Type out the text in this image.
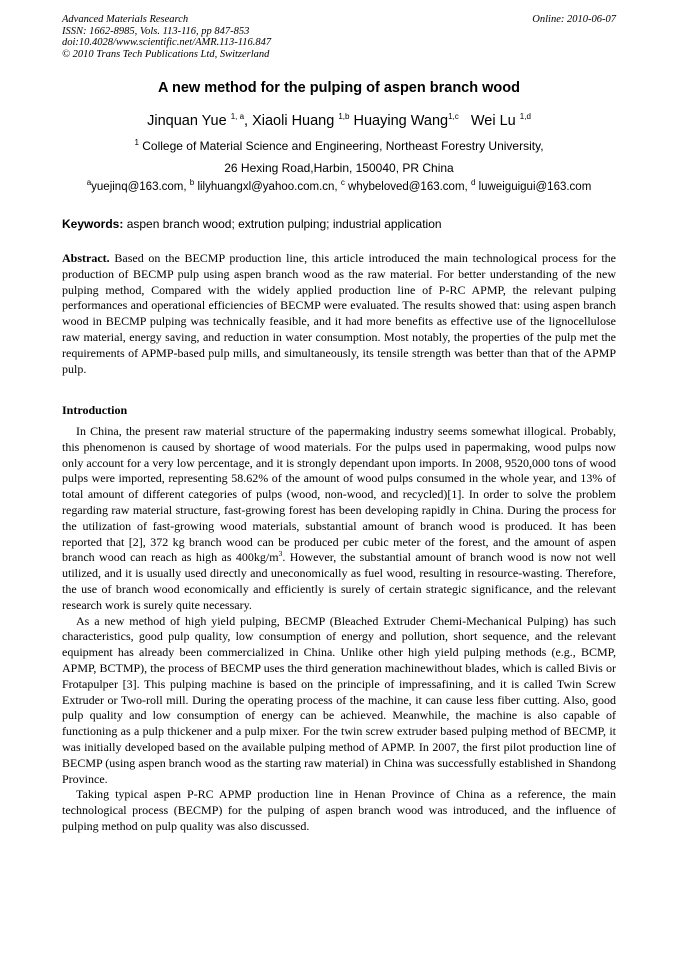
Advanced Materials Research
ISSN: 1662-8985, Vols. 113-116, pp 847-853
doi:10.4028/www.scientific.net/AMR.113-116.847
© 2010 Trans Tech Publications Ltd, Switzerland
Online: 2010-06-07
A new method for the pulping of aspen branch wood
Jinquan Yue $^{1, a}$, Xiaoli Huang $^{1,b}$ Huaying Wang$^{1,c}$ Wei Lu $^{1,d}$
$^1$ College of Material Science and Engineering, Northeast Forestry University,
26 Hexing Road,Harbin, 150040, PR China
$^a$yuejinq@163.com, $^b$ lilyhuangxl@yahoo.com.cn, $^c$ whybeloved@163.com, $^d$ luweiguigui@163.com
Keywords: aspen branch wood; extrution pulping; industrial application
Abstract. Based on the BECMP production line, this article introduced the main technological process for the production of BECMP pulp using aspen branch wood as the raw material. For better understanding of the new pulping method, Compared with the widely applied production line of P-RC APMP, the relevant pulping performances and operational efficiencies of BECMP were evaluated. The results showed that: using aspen branch wood in BECMP pulping was technically feasible, and it had more benefits as effective use of the lignocellulose raw material, energy saving, and reduction in water consumption. Most notably, the properties of the pulp met the requirements of APMP-based pulp mills, and simultaneously, its tensile strength was better than that of the APMP pulp.
Introduction

In China, the present raw material structure of the papermaking industry seems somewhat illogical. Probably, this phenomenon is caused by shortage of wood materials. For the pulps used in papermaking, wood pulps now only account for a very low percentage, and it is strongly dependant upon imports. In 2008, 9520,000 tons of wood pulps were imported, representing 58.62% of the amount of wood pulps consumed in the whole year, and 13% of total amount of different categories of pulps (wood, non-wood, and recycled)[1]. In order to solve the problem regarding raw material structure, fast-growing forest has been developing rapidly in China. During the process for the utilization of fast-growing wood materials, substantial amount of branch wood is produced. It has been reported that [2], 372 kg branch wood can be produced per cubic meter of the forest, and the amount of aspen branch wood can reach as high as $400kg/m^3$. However, the substantial amount of branch wood is now not well utilized, and it is usually used directly and uneconomically as fuel wood, resulting in resource-wasting. Therefore, the use of branch wood economically and efficiently is surely of certain strategic significance, and the relevant research work is surely quite necessary.

As a new method of high yield pulping, BECMP (Bleached Extruder Chemi-Mechanical Pulping) has such characteristics, good pulp quality, low consumption of energy and pollution, short sequence, and the relevant equipment has already been commercialized in China. Unlike other high yield pulping methods (e.g., BCMP, APMP, BCTMP), the process of BECMP uses the third generation machinewithout blades, which is called Bivis or Frotapulper [3]. This pulping machine is based on the principle of impressafining, and it is called Twin Screw Extruder or Two-roll mill. During the operating process of the machine, it can cause less fiber cutting. Also, good pulp quality and low consumption of energy can be achieved. Meanwhile, the machine is also capable of functioning as a pulp thickener and a pulp mixer. For the twin screw extruder based pulping method of BECMP, it was initially developed based on the available pulping method of APMP. In 2007, the first pilot production line of BECMP (using aspen branch wood as the starting raw material) in China was successfully established in Shandong Province.

Taking typical aspen P-RC APMP production line in Henan Province of China as a reference, the main technological process (BECMP) for the pulping of aspen branch wood was introduced, and the influence of pulping method on pulp quality was also discussed.
